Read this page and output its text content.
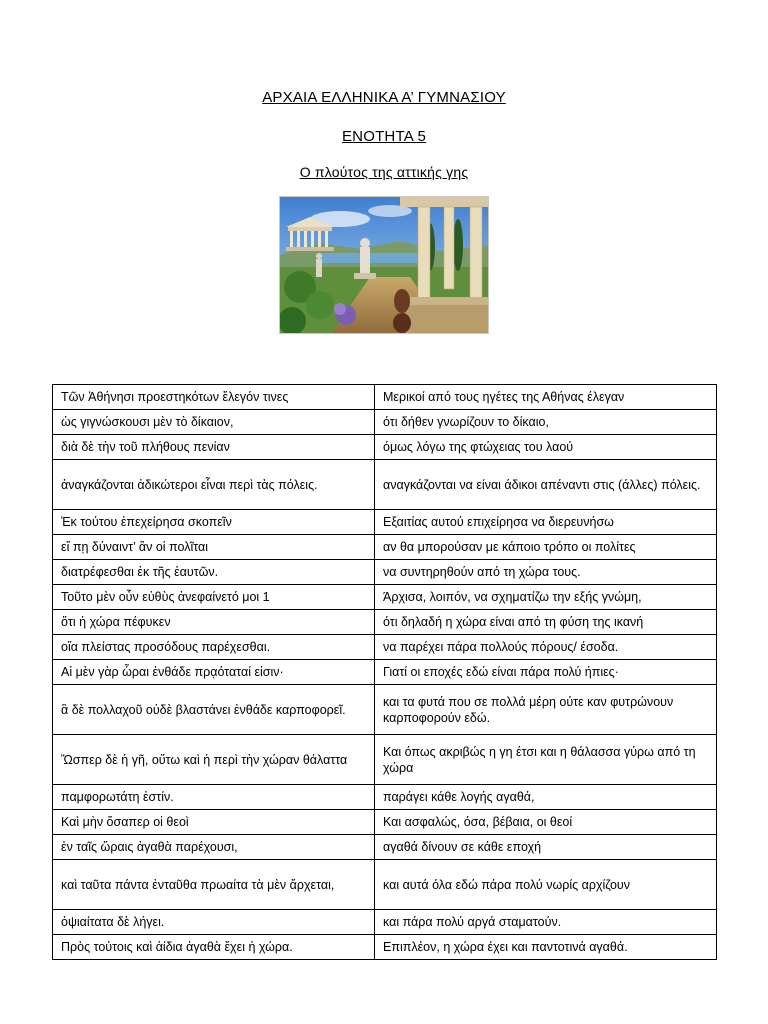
ΑΡΧΑΙΑ ΕΛΛΗΝΙΚΑ Α’ ΓΥΜΝΑΣΙΟΥ
ΕΝΟΤΗΤΑ 5
Ο πλούτος της αττικής γης
Τῶν Ἀθήνησι προεστηκότων ἔλεγόν τινες	Μερικοί από τους ηγέτες της Αθήνας έλεγαν
ὡς γιγνώσκουσι μὲν τὸ δίκαιον,	ότι δήθεν γνωρίζουν το δίκαιο,
διὰ δὲ τὴν τοῦ πλήθους πενίαν	όμως λόγω της φτώχειας του λαού
ἀναγκάζονται ἀδικώτεροι εἶναι περὶ τὰς πόλεις.	αναγκάζονται να είναι άδικοι απέναντι στις (άλλες) πόλεις.
Ἐκ τούτου ἐπεχείρησα σκοπεῖν	Εξαιτίας αυτού επιχείρησα να διερευνήσω
εἴ πῃ δύναιντ’ ἂν οἱ πολῖται	αν θα μπορούσαν με κάποιο τρόπο οι πολίτες
διατρέφεσθαι ἐκ τῆς ἑαυτῶν.	να συντηρηθούν από τη χώρα τους.
Τοῦτο μὲν οὖν εὐθὺς ἀνεφαίνετό μοι 1	Άρχισα, λοιπόν, να σχηματίζω την εξής γνώμη,
ὅτι ἡ χώρα πέφυκεν	ότι δηλαδή η χώρα είναι από τη φύση της ικανή
οἵα πλείστας προσόδους παρέχεσθαι.	να παρέχει πάρα πολλούς πόρους/ έσοδα.
Αἱ μὲν γὰρ ὧραι ἐνθάδε πρᾳόταταί εἰσιν·	Γιατί οι εποχές εδώ είναι πάρα πολύ ήπιες·
ἃ δὲ πολλαχοῦ οὐδὲ βλαστάνει ἐνθάδε καρποφορεῖ.	και τα φυτά που σε πολλά μέρη ούτε καν φυτρώνουν καρποφορούν εδώ.
Ὥσπερ δὲ ἡ γῆ, οὕτω καὶ ἡ περὶ τὴν χώραν θάλαττα	Και όπως ακριβώς η γη έτσι και η θάλασσα γύρω από τη χώρα
παμφορωτάτη ἐστίν.	παράγει κάθε λογής αγαθά,
Καὶ μὴν ὅσαπερ οἱ θεοὶ	Και ασφαλώς, όσα, βέβαια, οι θεοί
ἐν ταῖς ὥραις ἀγαθὰ παρέχουσι,	αγαθά δίνουν σε κάθε εποχή
καὶ ταῦτα πάντα ἐνταῦθα πρωαίτα τὰ μὲν ἄρχεται,	και αυτά όλα εδώ πάρα πολύ νωρίς αρχίζουν
ὀψιαίτατα δὲ λήγει.	και πάρα πολύ αργά σταματούν.
Πρὸς τούτοις καὶ ἀίδια ἀγαθὰ ἔχει ἡ χώρα.	Επιπλέον, η χώρα έχει και παντοτινά αγαθά.
